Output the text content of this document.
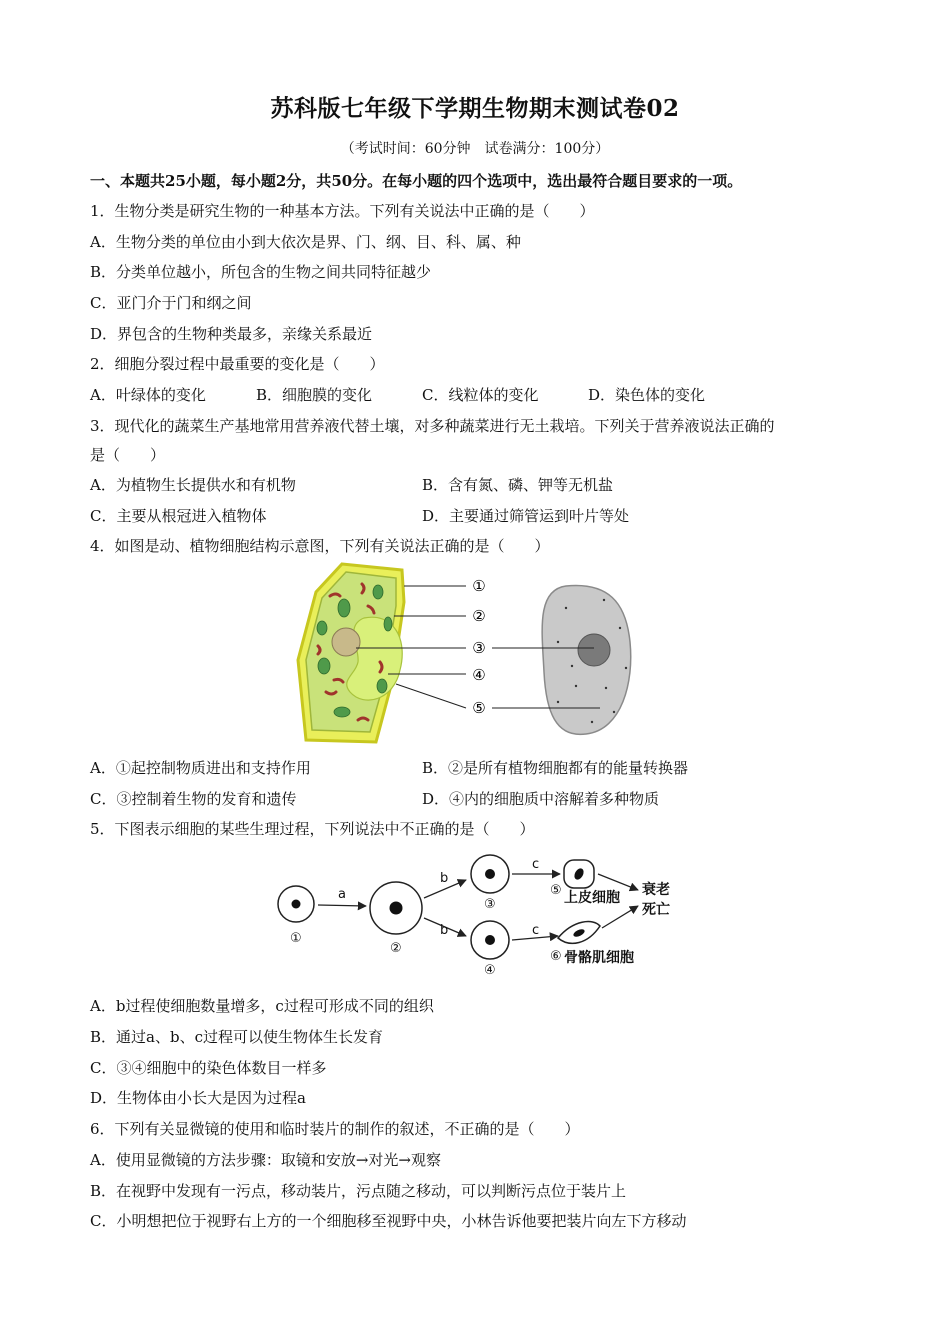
苏科版七年级下学期生物期末测试卷02
（考试时间：60分钟　试卷满分：100分）
一、本题共25小题，每小题2分，共50分。在每小题的四个选项中，选出最符合题目要求的一项。
1．生物分类是研究生物的一种基本方法。下列有关说法中正确的是（　　）
A．生物分类的单位由小到大依次是界、门、纲、目、科、属、种
B．分类单位越小，所包含的生物之间共同特征越少
C．亚门介于门和纲之间
D．界包含的生物种类最多，亲缘关系最近
2．细胞分裂过程中最重要的变化是（　　）
A．叶绿体的变化	B．细胞膜的变化	C．线粒体的变化	D．染色体的变化
3．现代化的蔬菜生产基地常用营养液代替土壤，对多种蔬菜进行无土栽培。下列关于营养液说法正确的
是（　　）
A．为植物生长提供水和有机物	B．含有氮、磷、钾等无机盐
C．主要从根冠进入植物体	D．主要通过筛管运到叶片等处
4．如图是动、植物细胞结构示意图，下列有关说法正确的是（　　）
①
②
③
④
⑤
A．①起控制物质进出和支持作用	B．②是所有植物细胞都有的能量转换器
C．③控制着生物的发育和遗传	D．④内的细胞质中溶解着多种物质
5．下图表示细胞的某些生理过程，下列说法中不正确的是（　　）
a
b
b
c
c
①
②
③
④
⑤
⑥
上皮细胞
骨骼肌细胞
衰老
死亡
A．b过程使细胞数量增多，c过程可形成不同的组织
B．通过a、b、c过程可以使生物体生长发育
C．③④细胞中的染色体数目一样多
D．生物体由小长大是因为过程a
6．下列有关显微镜的使用和临时装片的制作的叙述，不正确的是（　　）
A．使用显微镜的方法步骤：取镜和安放→对光→观察
B．在视野中发现有一污点，移动装片，污点随之移动，可以判断污点位于装片上
C．小明想把位于视野右上方的一个细胞移至视野中央，小林告诉他要把装片向左下方移动
